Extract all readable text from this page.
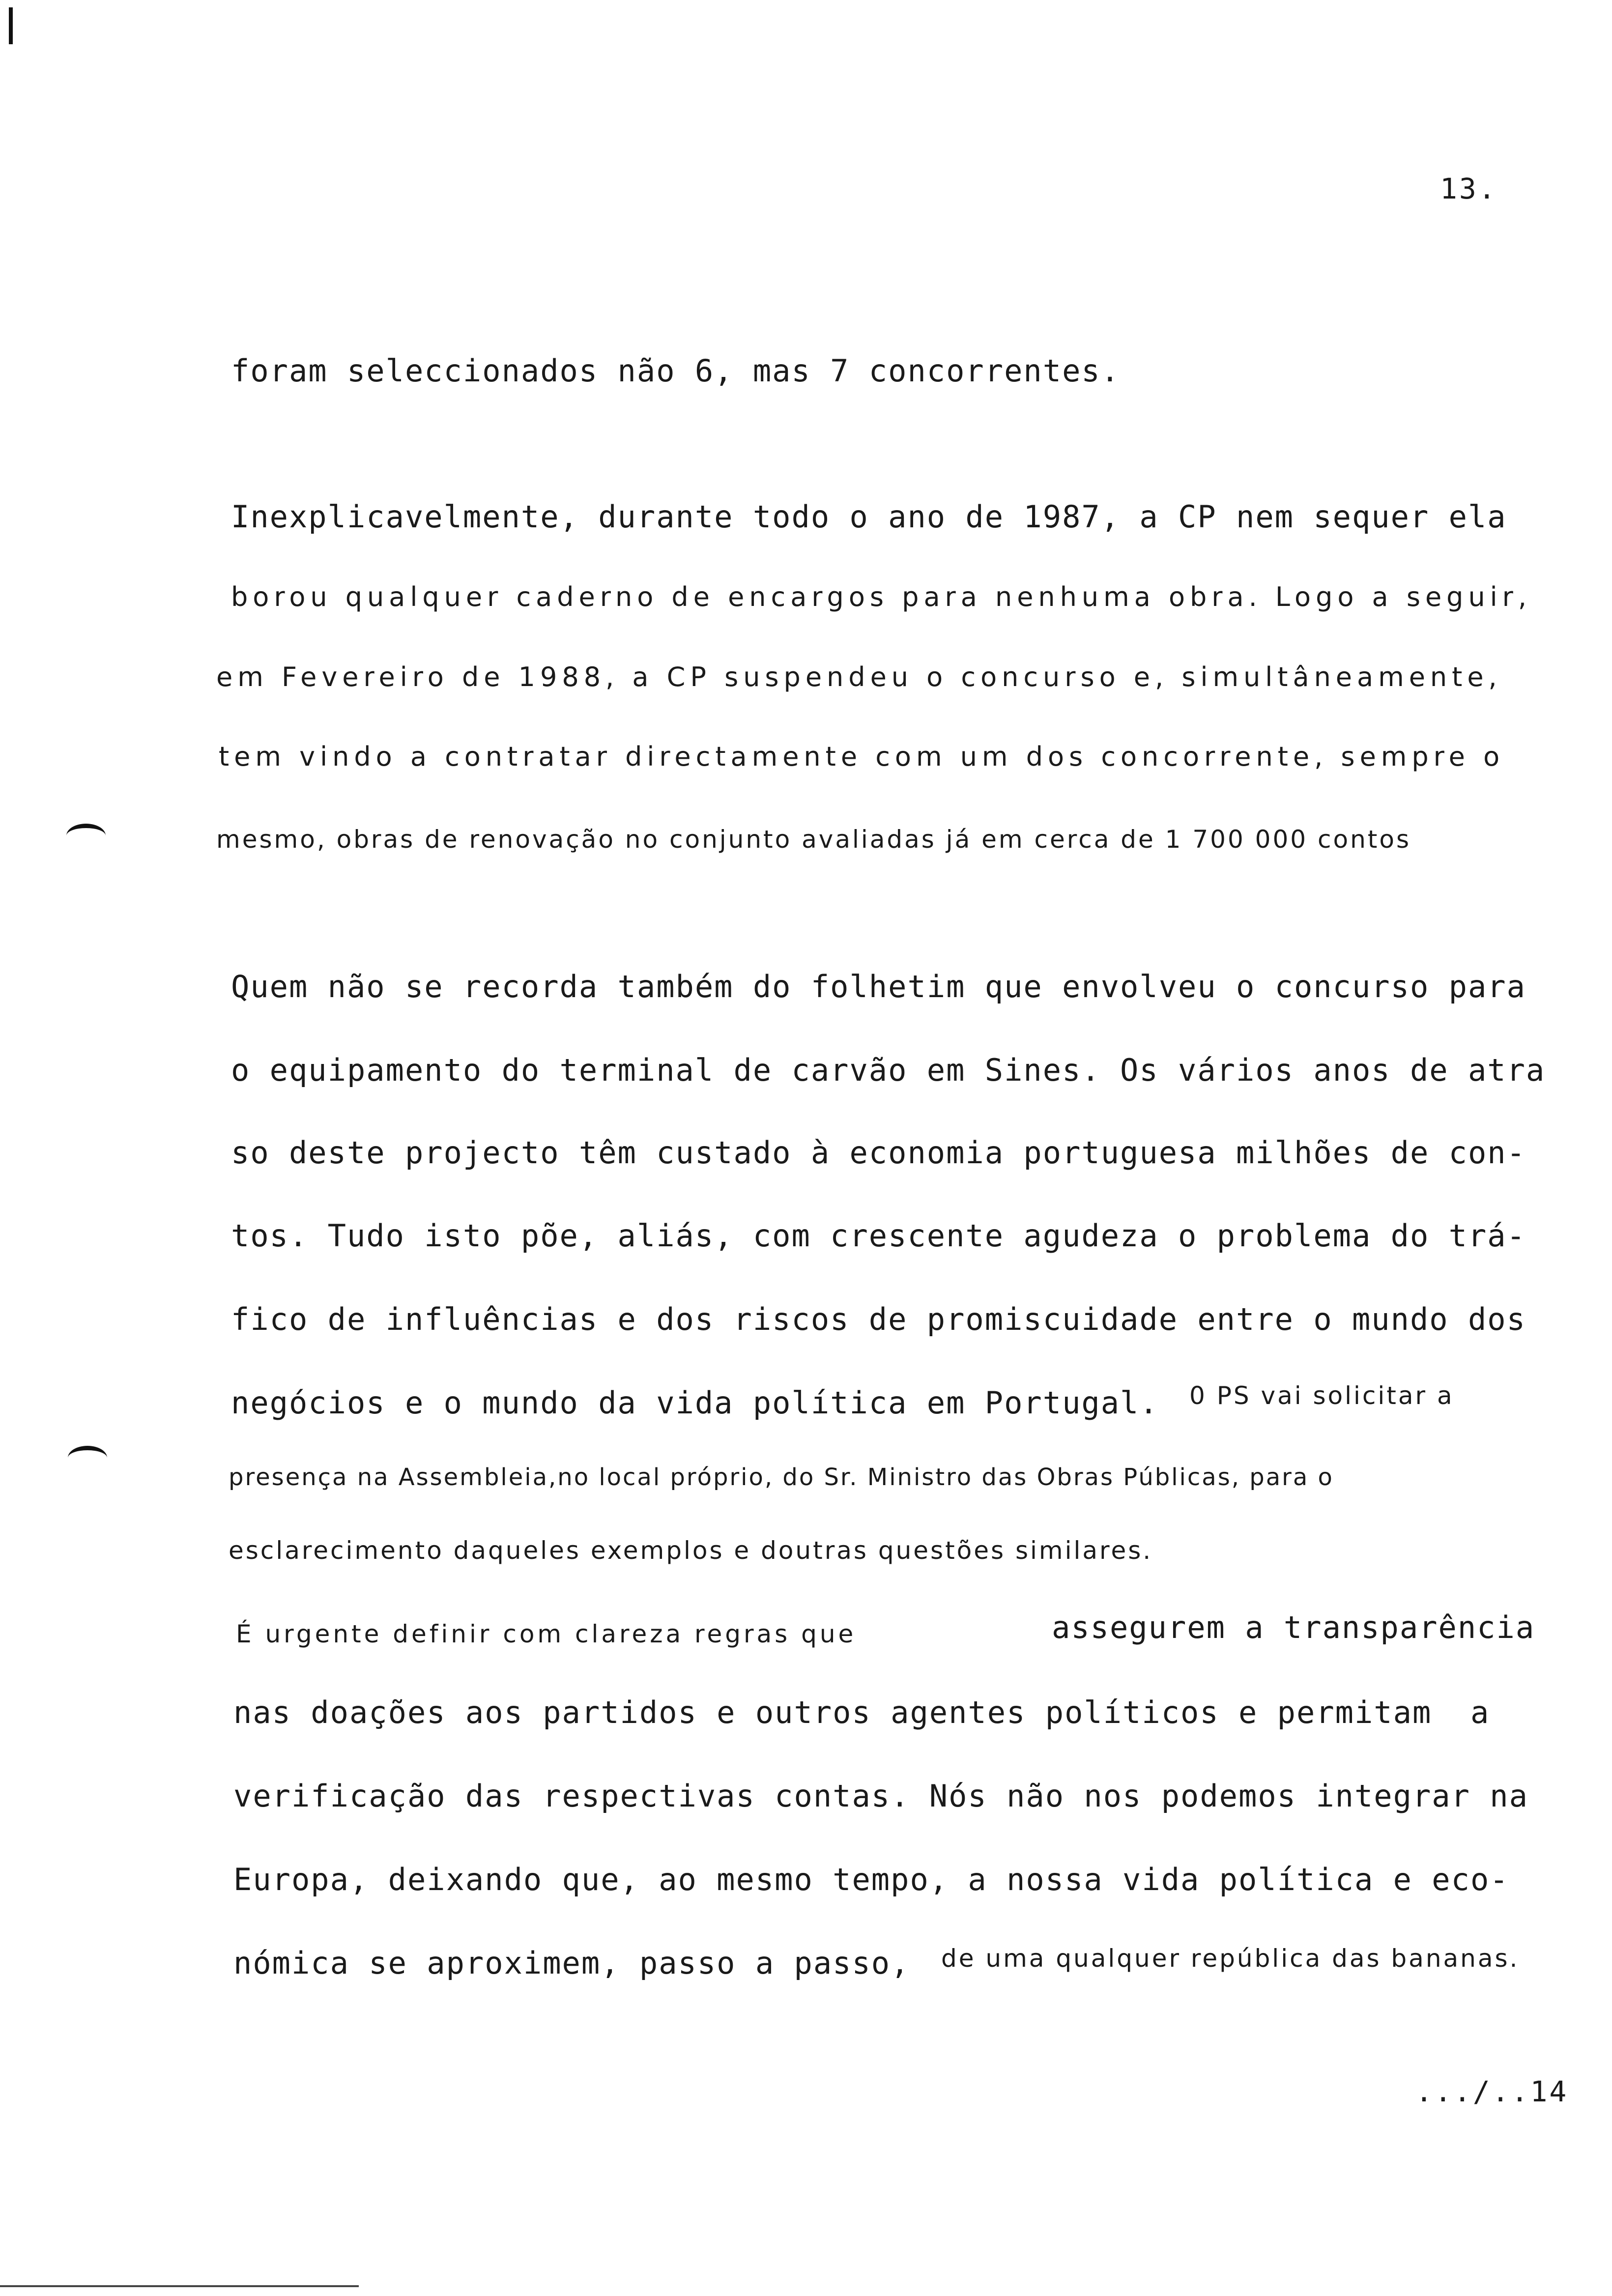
13.
foram seleccionados não 6, mas 7 concorrentes.
Inexplicavelmente, durante todo o ano de 1987, a CP nem sequer ela
borou qualquer caderno de encargos para nenhuma obra. Logo a seguir,
em Fevereiro de 1988, a CP suspendeu o concurso e, simultâneamente,
tem vindo a contratar directamente com um dos concorrente, sempre o
mesmo, obras de renovação no conjunto avaliadas já em cerca de 1 700 000 contos
Quem não se recorda também do folhetim que envolveu o concurso para
o equipamento do terminal de carvão em Sines. Os vários anos de atra
so deste projecto têm custado à economia portuguesa milhões de con-
tos. Tudo isto põe, aliás, com crescente agudeza o problema do trá-
fico de influências e dos riscos de promiscuidade entre o mundo dos
negócios e o mundo da vida política em Portugal. 0 PS vai solicitar a
presença na Assembleia,no local próprio, do Sr. Ministro das Obras Públicas, para o
esclarecimento daqueles exemplos e doutras questões similares.
É urgente definir com clareza regras que	assegurem a transparência
nas doações aos partidos e outros agentes políticos e permitam  a
verificação das respectivas contas. Nós não nos podemos integrar na
Europa, deixando que, ao mesmo tempo, a nossa vida política e eco-
nómica se aproximem, passo a passo, de uma qualquer república das bananas.
.../..14
